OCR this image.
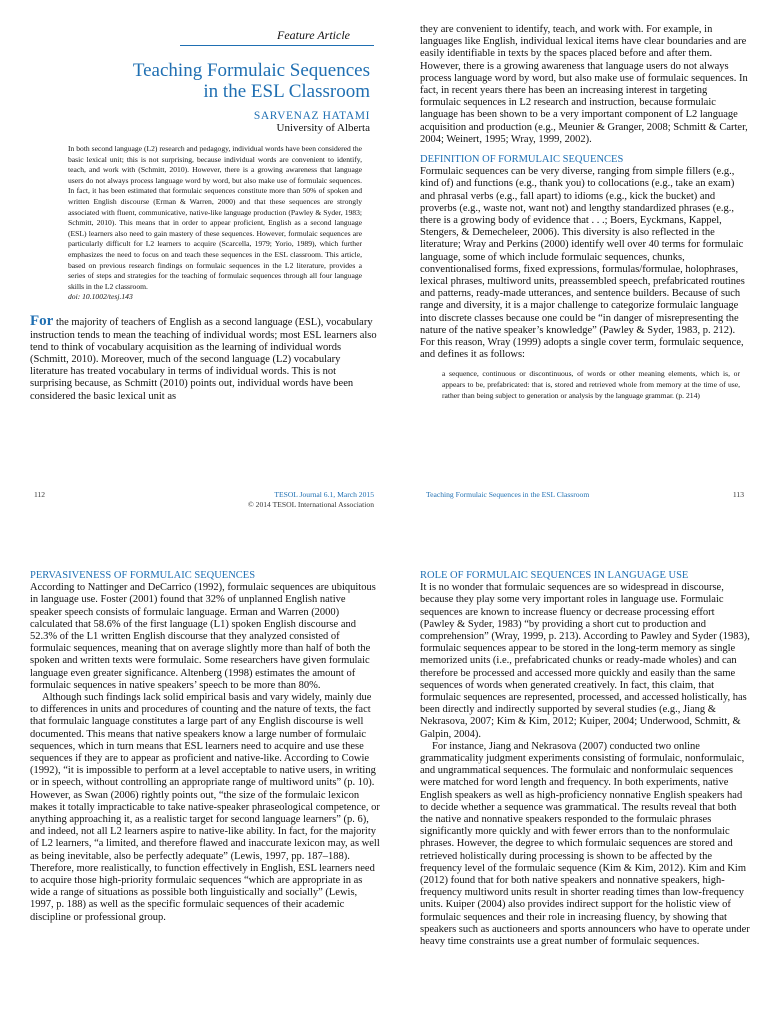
Feature Article
Teaching Formulaic Sequences
in the ESL Classroom
SARVENAZ HATAMI
University of Alberta
In both second language (L2) research and pedagogy, individual words have been considered the basic lexical unit; this is not surprising, because individual words are convenient to identify, teach, and work with (Schmitt, 2010). However, there is a growing awareness that language users do not always process language word by word, but also make use of formulaic sequences. In fact, it has been estimated that formulaic sequences constitute more than 50% of spoken and written English discourse (Erman & Warren, 2000) and that these sequences are strongly associated with fluent, communicative, native-like language production (Pawley & Syder, 1983; Schmitt, 2010). This means that in order to appear proficient, English as a second language (ESL) learners also need to gain mastery of these sequences. However, formulaic sequences are particularly difficult for L2 learners to acquire (Scarcella, 1979; Yorio, 1989), which further emphasizes the need to focus on and teach these sequences in the ESL classroom. This article, based on previous research findings on formulaic sequences in the L2 literature, provides a series of steps and strategies for the teaching of formulaic sequences through all four language skills in the L2 classroom.
doi: 10.1002/tesj.143

For the majority of teachers of English as a second language (ESL), vocabulary instruction tends to mean the teaching of individual words; most ESL learners also tend to think of vocabulary acquisition as the learning of individual words (Schmitt, 2010). Moreover, much of the second language (L2) vocabulary literature has treated vocabulary in terms of individual words. This is not surprising because, as Schmitt (2010) points out, individual words have been considered the basic lexical unit as

112	TESOL Journal 6.1, March 2015
© 2014 TESOL International Association

they are convenient to identify, teach, and work with. For example, in languages like English, individual lexical items have clear boundaries and are easily identifiable in texts by the spaces placed before and after them. However, there is a growing awareness that language users do not always process language word by word, but also make use of formulaic sequences. In fact, in recent years there has been an increasing interest in targeting formulaic sequences in L2 research and instruction, because formulaic language has been shown to be a very important component of L2 language acquisition and production (e.g., Meunier & Granger, 2008; Schmitt & Carter, 2004; Weinert, 1995; Wray, 1999, 2002).

DEFINITION OF FORMULAIC SEQUENCES

Formulaic sequences can be very diverse, ranging from simple fillers (e.g., kind of) and functions (e.g., thank you) to collocations (e.g., take an exam) and phrasal verbs (e.g., fall apart) to idioms (e.g., kick the bucket) and proverbs (e.g., waste not, want not) and lengthy standardized phrases (e.g., there is a growing body of evidence that . . .; Boers, Eyckmans, Kappel, Stengers, & Demecheleer, 2006). This diversity is also reflected in the literature; Wray and Perkins (2000) identify well over 40 terms for formulaic language, some of which include formulaic sequences, chunks, conventionalised forms, fixed expressions, formulas/formulae, holophrases, lexical phrases, multiword units, preassembled speech, prefabricated routines and patterns, ready-made utterances, and sentence builders. Because of such range and diversity, it is a major challenge to categorize formulaic language into discrete classes because one could be “in danger of misrepresenting the nature of the native speaker’s knowledge” (Pawley & Syder, 1983, p. 212). For this reason, Wray (1999) adopts a single cover term, formulaic sequence, and defines it as follows:

a sequence, continuous or discontinuous, of words or other meaning elements, which is, or appears to be, prefabricated: that is, stored and retrieved whole from memory at the time of use, rather than being subject to generation or analysis by the language grammar. (p. 214)
Teaching Formulaic Sequences in the ESL Classroom	113
PERVASIVENESS OF FORMULAIC SEQUENCES

According to Nattinger and DeCarrico (1992), formulaic sequences are ubiquitous in language use. Foster (2001) found that 32% of unplanned English native speaker speech consists of formulaic language. Erman and Warren (2000) calculated that 58.6% of the first language (L1) spoken English discourse and 52.3% of the L1 written English discourse that they analyzed consisted of formulaic sequences, meaning that on average slightly more than half of both the spoken and written texts were formulaic. Some researchers have given formulaic language even greater significance. Altenberg (1998) estimates the amount of formulaic sequences in native speakers’ speech to be more than 80%.

Although such findings lack solid empirical basis and vary widely, mainly due to differences in units and procedures of counting and the nature of texts, the fact that formulaic language constitutes a large part of any English discourse is well documented. This means that native speakers know a large number of formulaic sequences, which in turn means that ESL learners need to acquire and use these sequences if they are to appear as proficient and native-like. According to Cowie (1992), “it is impossible to perform at a level acceptable to native users, in writing or in speech, without controlling an appropriate range of multiword units” (p. 10). However, as Swan (2006) rightly points out, “the size of the formulaic lexicon makes it totally impracticable to take native-speaker phraseological competence, or anything approaching it, as a realistic target for second language learners” (p. 6), and indeed, not all L2 learners aspire to native-like ability. In fact, for the majority of L2 learners, “a limited, and therefore flawed and inaccurate lexicon may, as well as being inevitable, also be perfectly adequate” (Lewis, 1997, pp. 187–188). Therefore, more realistically, to function effectively in English, ESL learners need to acquire those high-priority formulaic sequences “which are appropriate in as wide a range of situations as possible both linguistically and socially” (Lewis, 1997, p. 188) as well as the specific formulaic sequences of their academic discipline or professional group.

ROLE OF FORMULAIC SEQUENCES IN LANGUAGE USE

It is no wonder that formulaic sequences are so widespread in discourse, because they play some very important roles in language use. Formulaic sequences are known to increase fluency or decrease processing effort (Pawley & Syder, 1983) “by providing a short cut to production and comprehension” (Wray, 1999, p. 213). According to Pawley and Syder (1983), formulaic sequences appear to be stored in the long-term memory as single memorized units (i.e., prefabricated chunks or ready-made wholes) and can therefore be processed and accessed more quickly and easily than the same sequences of words when generated creatively. In fact, this claim, that formulaic sequences are represented, processed, and accessed holistically, has been directly and indirectly supported by several studies (e.g., Jiang & Nekrasova, 2007; Kim & Kim, 2012; Kuiper, 2004; Underwood, Schmitt, & Galpin, 2004).

For instance, Jiang and Nekrasova (2007) conducted two online grammaticality judgment experiments consisting of formulaic, nonformulaic, and ungrammatical sequences. The formulaic and nonformulaic sequences were matched for word length and frequency. In both experiments, native English speakers as well as high-proficiency nonnative English speakers had to decide whether a sequence was grammatical. The results reveal that both the native and nonnative speakers responded to the formulaic phrases significantly more quickly and with fewer errors than to the nonformulaic phrases. However, the degree to which formulaic sequences are stored and retrieved holistically during processing is shown to be affected by the frequency level of the formulaic sequence (Kim & Kim, 2012). Kim and Kim (2012) found that for both native speakers and nonnative speakers, high-frequency multiword units result in shorter reading times than low-frequency units. Kuiper (2004) also provides indirect support for the holistic view of formulaic sequences and their role in increasing fluency, by showing that speakers such as auctioneers and sports announcers who have to operate under heavy time constraints use a great number of formulaic sequences.
